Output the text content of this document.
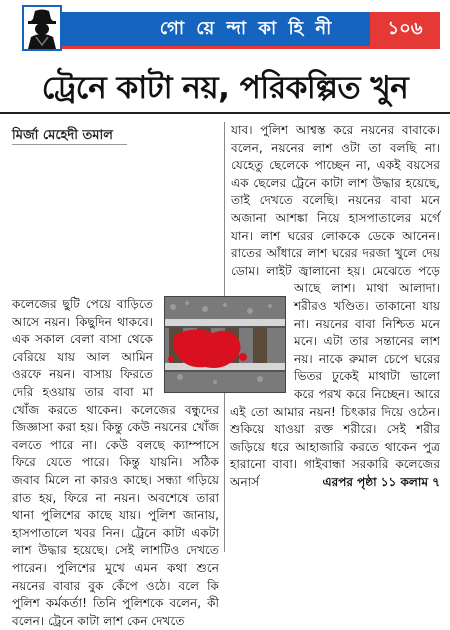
গো য়ে ন্দা কা হি নী	১০৬
ট্রেনে কাটা নয়, পরিকল্পিত খুন
মির্জা মেহেদী তমাল
কলেজের ছুটি পেয়ে বাড়িতে আসে নয়ন। কিছুদিন থাকবে। এক সকাল বেলা বাসা থেকে বেরিয়ে যায় আল আমিন ওরফে নয়ন। বাসায় ফিরতে দেরি হওয়ায় তার বাবা মা খোঁজ করতে থাকেন। কলেজের বন্ধুদের জিজ্ঞাসা করা হয়। কিন্তু কেউ নয়নের খোঁজ বলতে পারে না। কেউ বলছে ক্যাম্পাসে ফিরে যেতে পারে। কিন্তু যায়নি। সঠিক জবাব মিলে না কারও কাছে। সন্ধ্যা গড়িয়ে রাত হয়, ফিরে না নয়ন। অবশেষে তারা থানা পুলিশের কাছে যায়। পুলিশ জানায়, হাসপাতালে খবর নিন। ট্রেনে কাটা একটা লাশ উদ্ধার হয়েছে। সেই লাশটিও দেখতে পারেন। পুলিশের মুখে এমন কথা শুনে নয়নের বাবার বুক কেঁপে ওঠে। বলে কি পুলিশ কর্মকর্তা! তিনি পুলিশকে বলেন, কী বলেন। ট্রেনে কাটা লাশ কেন দেখতে
যাব। পুলিশ আশ্বস্ত করে নয়নের বাবাকে। বলেন, নয়নের লাশ ওটা তা বলছি না। যেহেতু ছেলেকে পাচ্ছেন না, একই বয়সের এক ছেলের ট্রেনে কাটা লাশ উদ্ধার হয়েছে, তাই দেখতে বলেছি। নয়নের বাবা মনে অজানা আশঙ্কা নিয়ে হাসপাতালের মর্গে যান। লাশ ঘরের লোককে ডেকে আনেন। রাতের আঁধারে লাশ ঘরের দরজা খুলে দেয় ডোম। লাইট জ্বালানো হয়। মেঝেতে পড়ে আছে লাশ। মাথা আলাদা। শরীরও খণ্ডিত। তাকানো যায় না। নয়নের বাবা নিশ্চিত মনে মনে। এটা তার সন্তানের লাশ নয়। নাকে রুমাল চেপে ঘরের ভিতর ঢুকেই মাথাটা ভালো করে পরখ করে নিচ্ছেন। আরে এই তো আমার নয়ন! চিৎকার দিয়ে ওঠেন। শুকিয়ে যাওয়া রক্ত শরীরে। সেই শরীর জড়িয়ে ধরে আহাজারি করতে থাকেন পুত্র হারানো বাবা। গাইবান্ধা সরকারি কলেজের অনার্স	এরপর পৃষ্ঠা ১১ কলাম ৭
